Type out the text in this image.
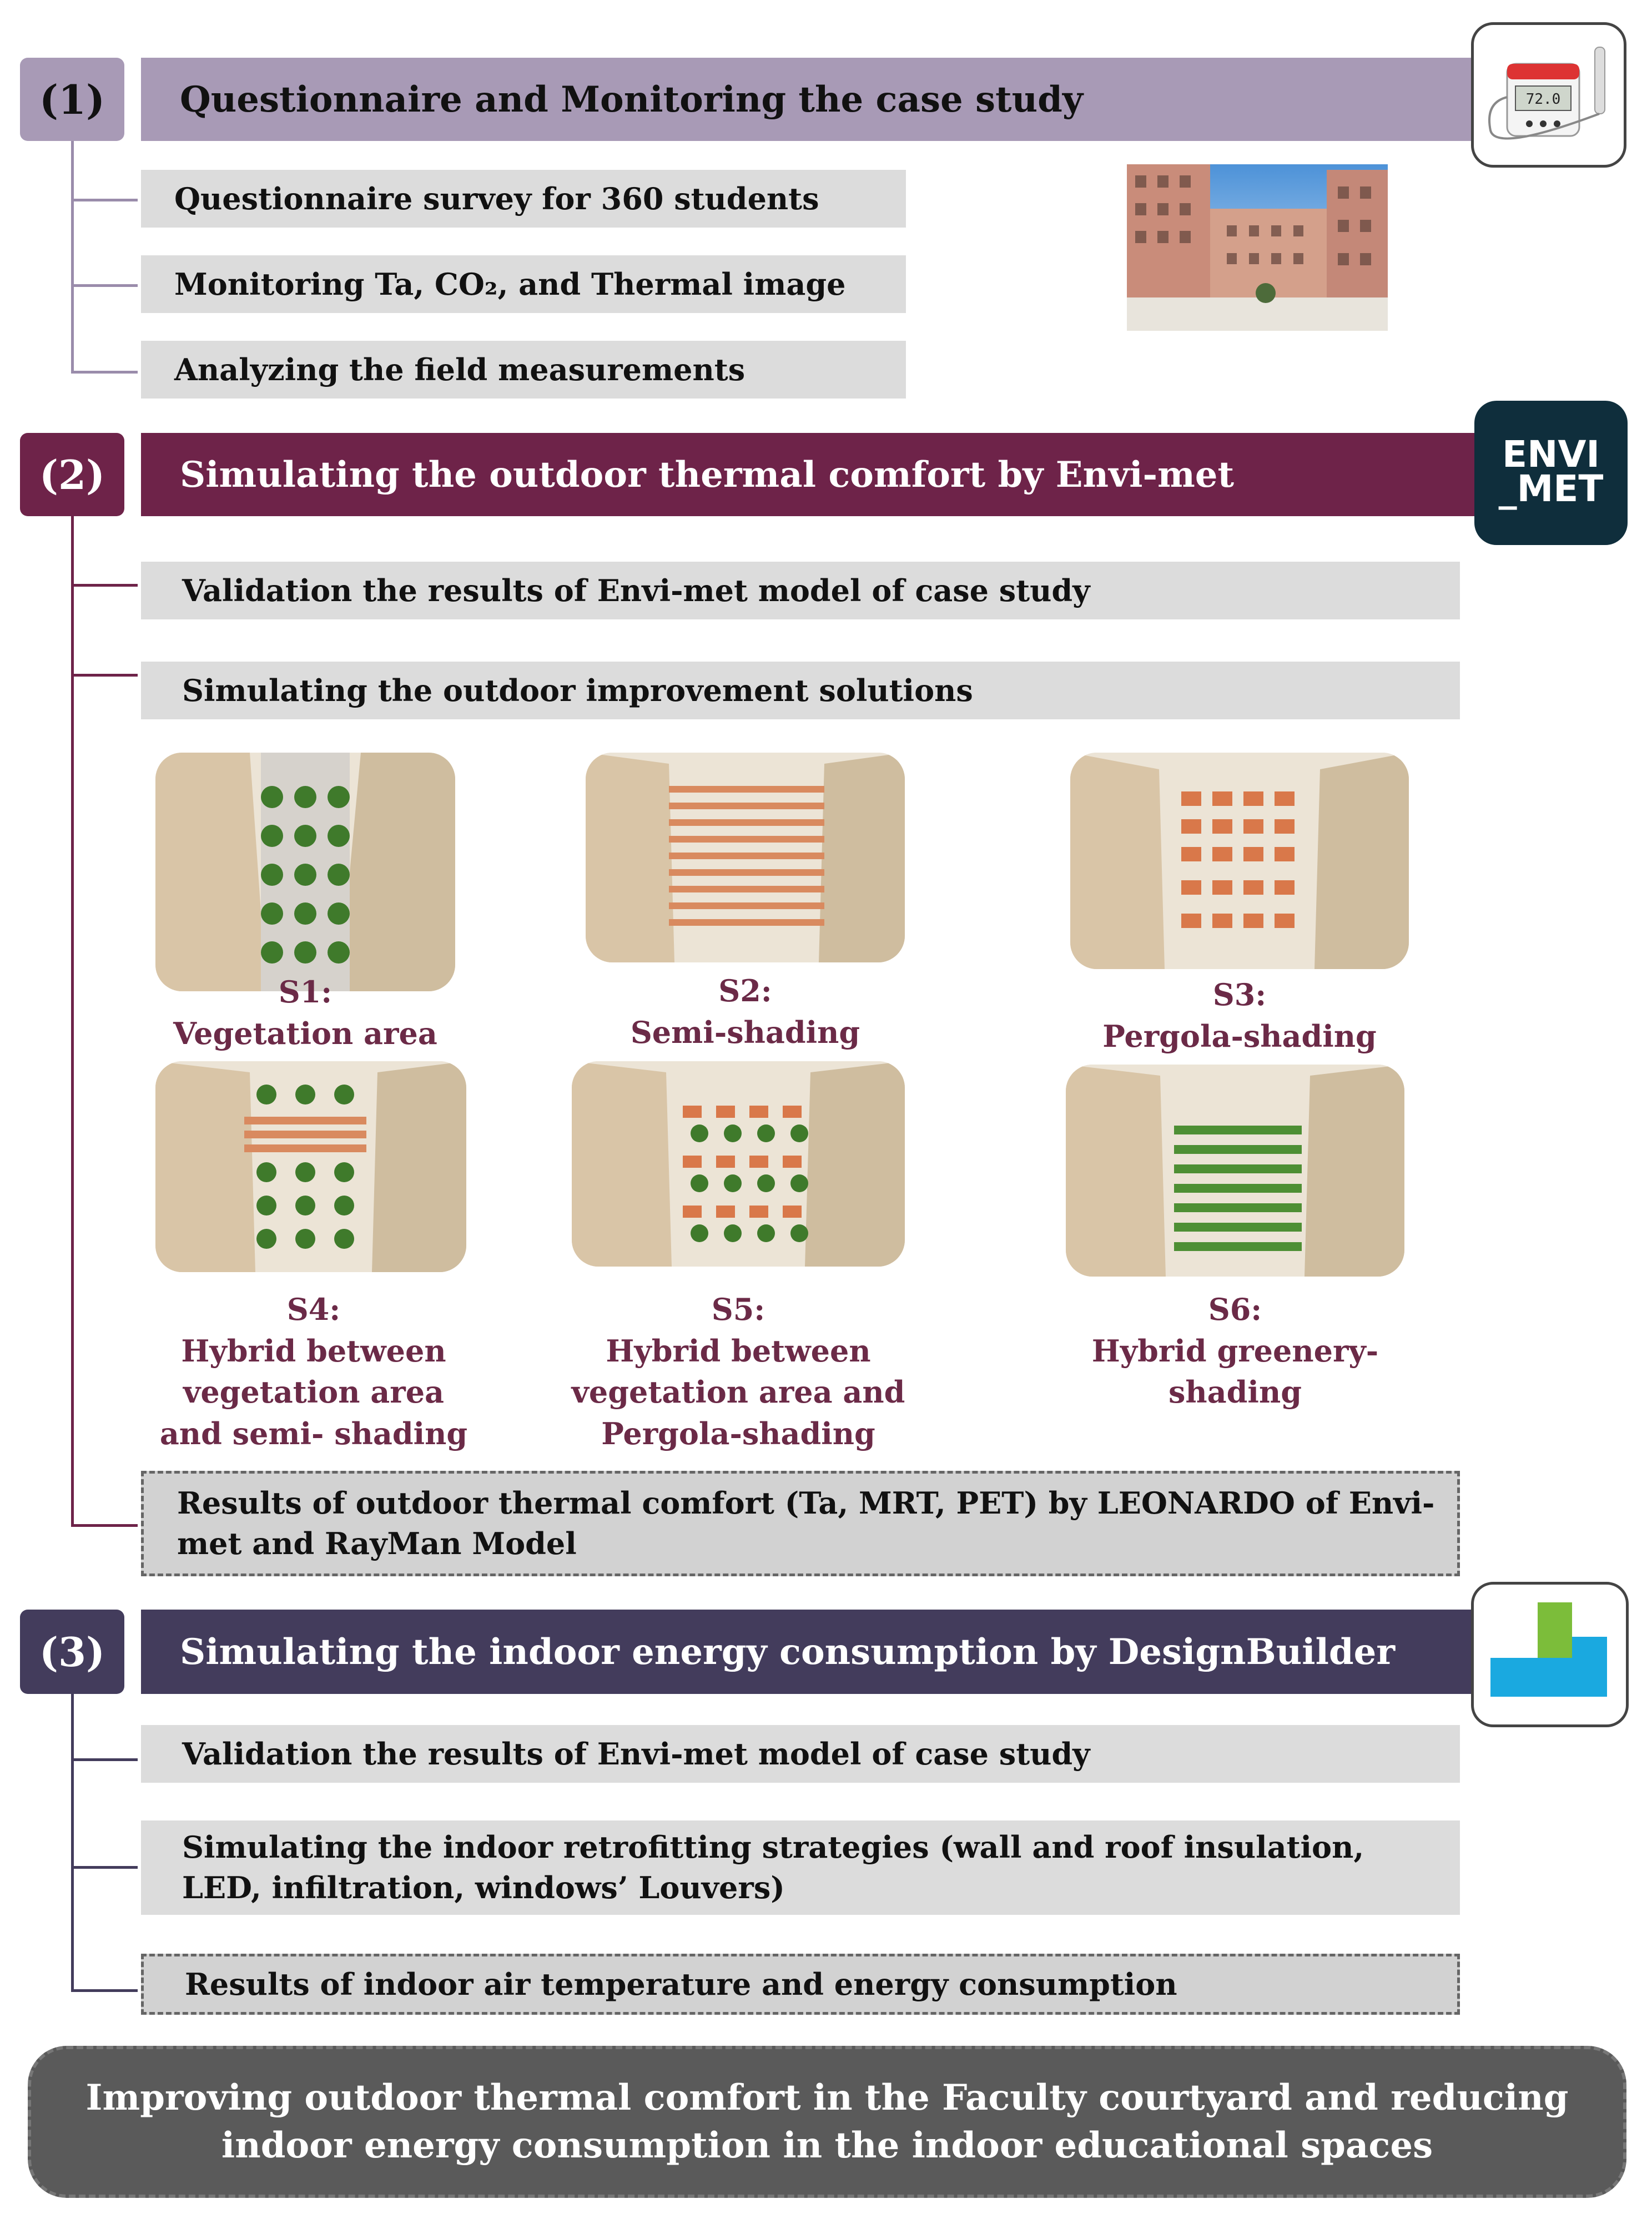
(1)	Questionnaire and Monitoring the case study
Questionnaire survey for 360 students
Monitoring Ta, CO₂, and Thermal image
Analyzing the field measurements
72.0
(2)	Simulating the outdoor thermal comfort by Envi-met	ENVI
_MET
Validation the results of Envi-met model of case study
Simulating the outdoor improvement solutions
S1:
Vegetation area
S2:
Semi-shading
S3:
Pergola-shading
S4:
Hybrid between
vegetation area
and semi- shading
S5:
Hybrid between
vegetation area and
Pergola-shading
S6:
Hybrid greenery-
shading
Results of outdoor thermal comfort (Ta, MRT, PET) by LEONARDO of Envi-
met and RayMan Model
(3)	Simulating the indoor energy consumption by DesignBuilder
Validation the results of Envi-met model of case study
Simulating the indoor retrofitting strategies (wall and roof insulation,
LED, infiltration, windows’ Louvers)
Results of indoor air temperature and energy consumption
Improving outdoor thermal comfort in the Faculty courtyard and reducing
indoor energy consumption in the indoor educational spaces
